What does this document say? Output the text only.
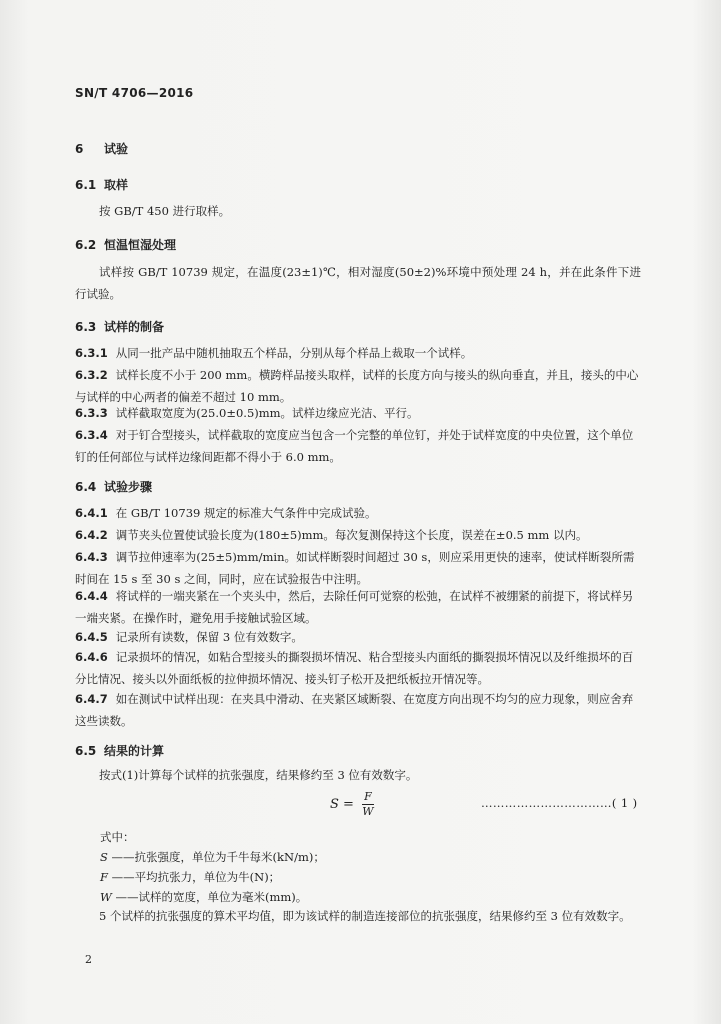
SN/T 4706—2016
6 试验
6.1 取样
按 GB/T 450 进行取样。
6.2 恒温恒湿处理
试样按 GB/T 10739 规定，在温度(23±1)℃，相对湿度(50±2)%环境中预处理 24 h，并在此条件下进行试验。
6.3 试样的制备
6.3.1 从同一批产品中随机抽取五个样品，分别从每个样品上裁取一个试样。
6.3.2 试样长度不小于 200 mm。横跨样品接头取样，试样的长度方向与接头的纵向垂直，并且，接头的中心与试样的中心两者的偏差不超过 10 mm。
6.3.3 试样截取宽度为(25.0±0.5)mm。试样边缘应光洁、平行。
6.3.4 对于钉合型接头，试样截取的宽度应当包含一个完整的单位钉，并处于试样宽度的中央位置，这个单位钉的任何部位与试样边缘间距都不得小于 6.0 mm。
6.4 试验步骤
6.4.1 在 GB/T 10739 规定的标准大气条件中完成试验。
6.4.2 调节夹头位置使试验长度为(180±5)mm。每次复测保持这个长度，误差在±0.5 mm 以内。
6.4.3 调节拉伸速率为(25±5)mm/min。如试样断裂时间超过 30 s，则应采用更快的速率，使试样断裂所需时间在 15 s 至 30 s 之间，同时，应在试验报告中注明。
6.4.4 将试样的一端夹紧在一个夹头中，然后，去除任何可觉察的松弛，在试样不被绷紧的前提下，将试样另一端夹紧。在操作时，避免用手接触试验区域。
6.4.5 记录所有读数，保留 3 位有效数字。
6.4.6 记录损坏的情况，如粘合型接头的撕裂损坏情况、粘合型接头内面纸的撕裂损坏情况以及纤维损坏的百分比情况、接头以外面纸板的拉伸损坏情况、接头钉子松开及把纸板拉开情况等。
6.4.7 如在测试中试样出现：在夹具中滑动、在夹紧区域断裂、在宽度方向出现不均匀的应力现象，则应舍弃这些读数。
6.5 结果的计算
按式(1)计算每个试样的抗张强度，结果修约至 3 位有效数字。
$S = \frac{F}{W}$	……………………………( 1 )
式中：
S ——抗张强度，单位为千牛每米(kN/m)；
F ——平均抗张力，单位为牛(N)；
W ——试样的宽度，单位为毫米(mm)。
5 个试样的抗张强度的算术平均值，即为该试样的制造连接部位的抗张强度，结果修约至 3 位有效数字。
2
